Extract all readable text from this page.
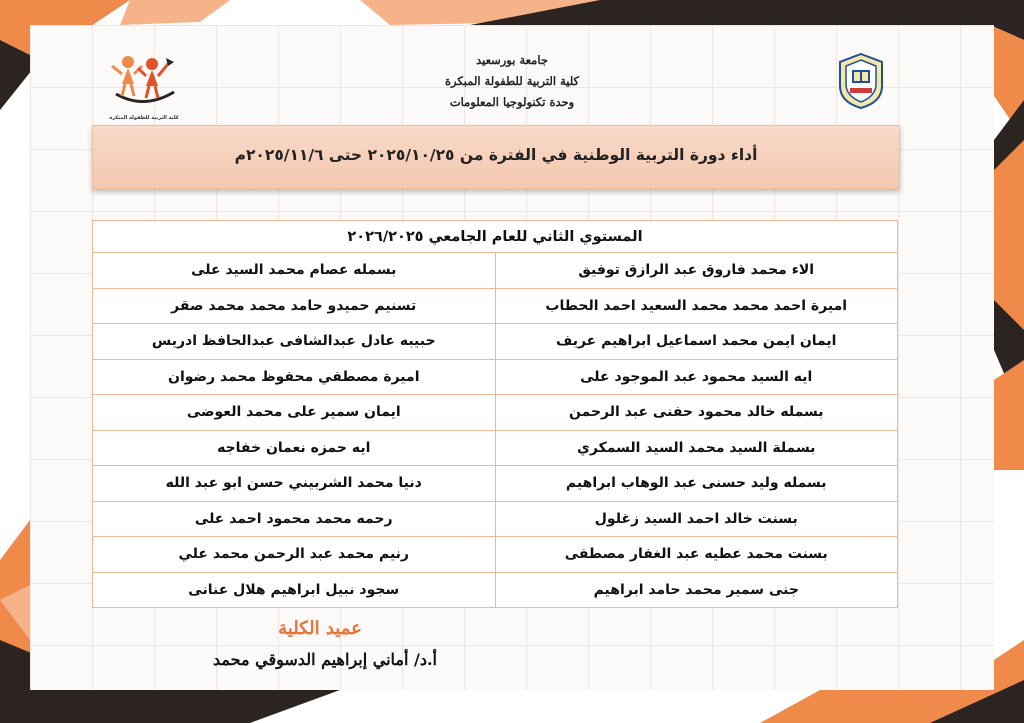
كلية التربية للطفولة المبكرة
جامعة بورسعيد
كلية التربية للطفولة المبكرة
وحدة تكنولوجيا المعلومات
أداء دورة التربية الوطنية في الفترة من ٢٠٢٥/١٠/٢٥ حتى ٢٠٢٥/١١/٦م
المستوي الثاني للعام الجامعي ٢٠٢٦/٢٠٢٥	
الاء محمد فاروق عبد الرازق توفيق	بسمله عصام محمد السيد على
اميرة احمد محمد محمد السعيد احمد الحطاب	تسنيم حميدو حامد محمد محمد صقر
ايمان ايمن محمد اسماعيل ابراهيم عريف	حبيبه عادل عبدالشافى عبدالحافظ ادريس
ايه السيد محمود عبد الموجود على	اميرة مصطفي محفوظ محمد رضوان
بسمله خالد محمود حفنى عبد الرحمن	ايمان سمير على محمد العوضى
بسملة السيد محمد السيد السمكري	ايه حمزه نعمان خفاجه
بسمله وليد حسنى عبد الوهاب ابراهيم	دنيا محمد الشربيني حسن ابو عبد الله
بسنت خالد احمد السيد زغلول	رحمه محمد محمود احمد على
بسنت محمد عطيه عبد الغفار مصطفى	رنيم محمد عبد الرحمن محمد علي
جنى سمير محمد حامد ابراهيم	سجود نبيل ابراهيم هلال عنانى
عميد الكلية
أ.د/ أماني إبراهيم الدسوقي محمد
